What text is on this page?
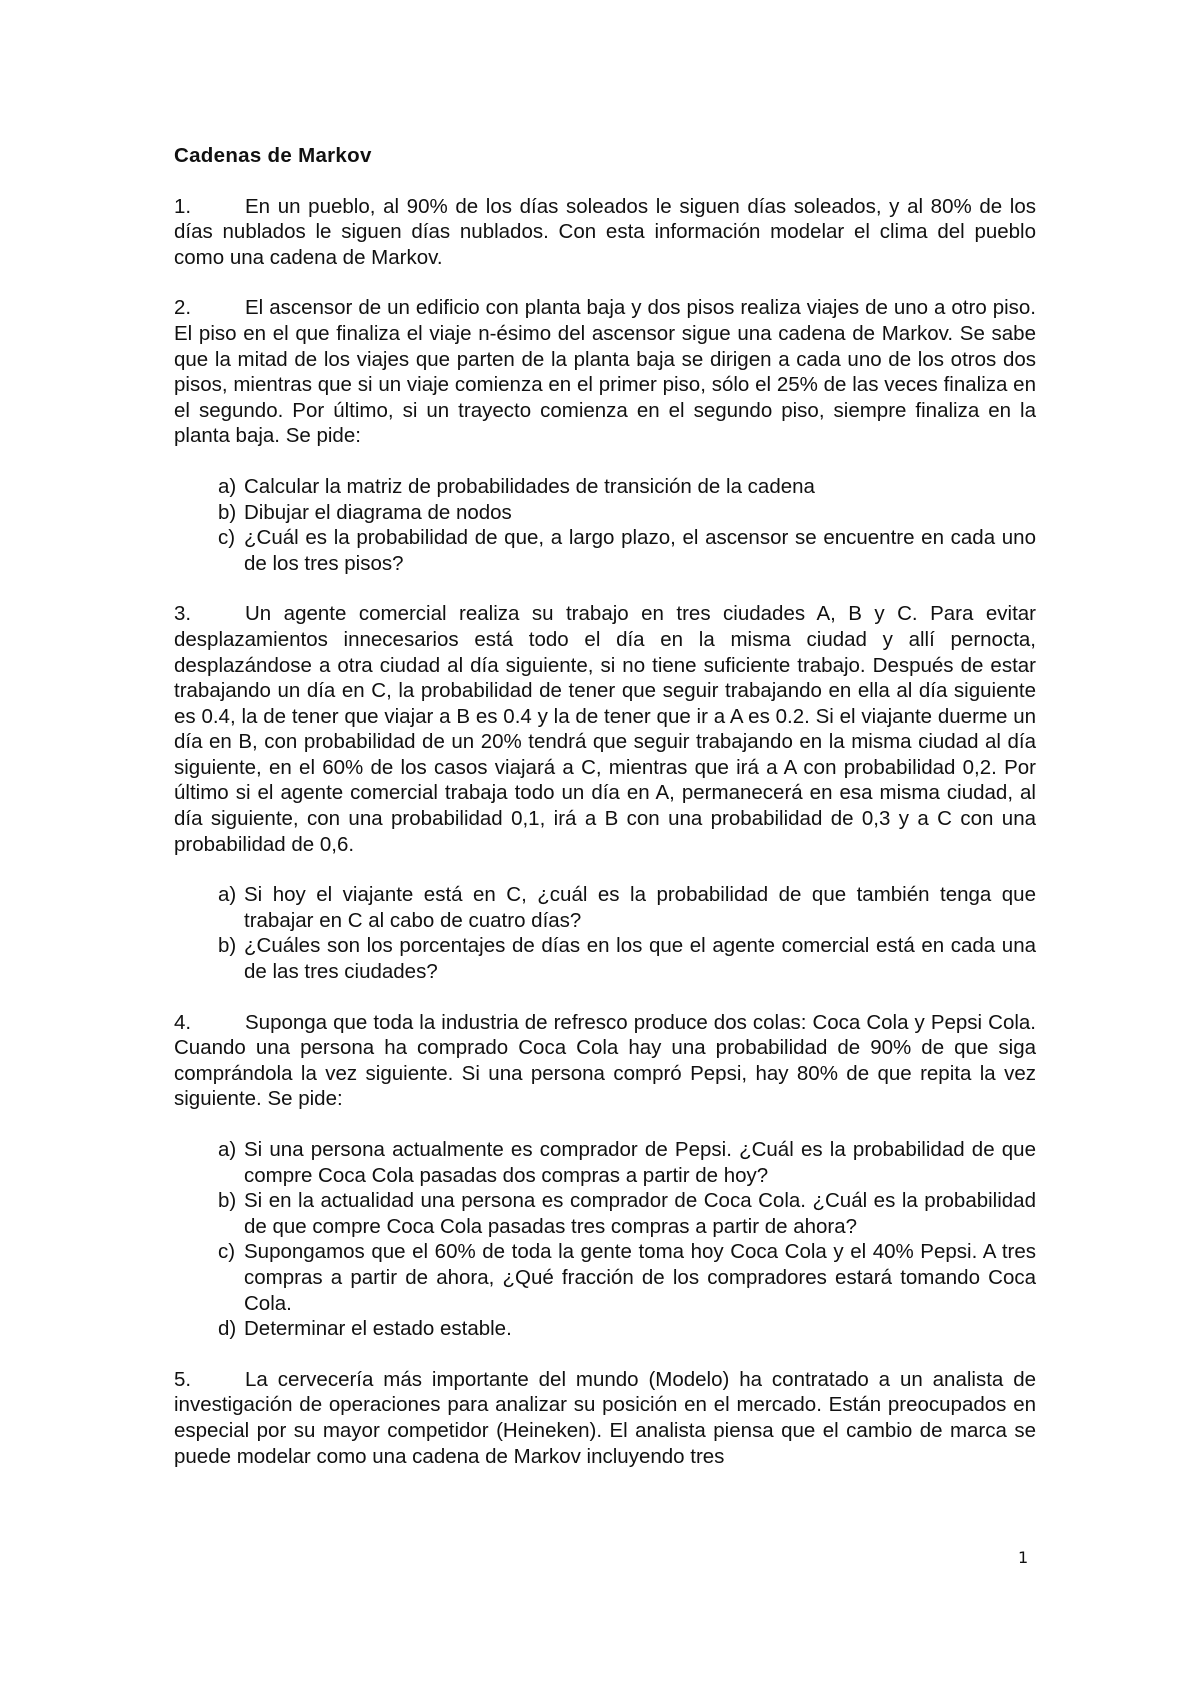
Cadenas de Markov
1.	En un pueblo, al 90% de los días soleados le siguen días soleados, y al 80% de los días nublados le siguen días nublados. Con esta información modelar el clima del pueblo como una cadena de Markov.
2.	El ascensor de un edificio con planta baja y dos pisos realiza viajes de uno a otro piso. El piso en el que finaliza el viaje n-ésimo del ascensor sigue una cadena de Markov. Se sabe que la mitad de los viajes que parten de la planta baja se dirigen a cada uno de los otros dos pisos, mientras que si un viaje comienza en el primer piso, sólo el 25% de las veces finaliza en el segundo. Por último, si un trayecto comienza en el segundo piso, siempre finaliza en la planta baja. Se pide:
a) Calcular la matriz de probabilidades de transición de la cadena
b) Dibujar el diagrama de nodos
c) ¿Cuál es la probabilidad de que, a largo plazo, el ascensor se encuentre en cada uno de los tres pisos?
3.	Un agente comercial realiza su trabajo en tres ciudades A, B y C. Para evitar desplazamientos innecesarios está todo el día en la misma ciudad y allí pernocta, desplazándose a otra ciudad al día siguiente, si no tiene suficiente trabajo. Después de estar trabajando un día en C, la probabilidad de tener que seguir trabajando en ella al día siguiente es 0.4, la de tener que viajar a B es 0.4 y la de tener que ir a A es 0.2. Si el viajante duerme un día en B, con probabilidad de un 20% tendrá que seguir trabajando en la misma ciudad al día siguiente, en el 60% de los casos viajará a C, mientras que irá a A con probabilidad 0,2. Por último si el agente comercial trabaja todo un día en A, permanecerá en esa misma ciudad, al día siguiente, con una probabilidad 0,1, irá a B con una probabilidad de 0,3 y a C con una probabilidad de 0,6.
a) Si hoy el viajante está en C, ¿cuál es la probabilidad de que también tenga que trabajar en C al cabo de cuatro días?
b) ¿Cuáles son los porcentajes de días en los que el agente comercial está en cada una de las tres ciudades?
4.	Suponga que toda la industria de refresco produce dos colas: Coca Cola y Pepsi Cola. Cuando una persona ha comprado Coca Cola hay una probabilidad de 90% de que siga comprándola la vez siguiente. Si una persona compró Pepsi, hay 80% de que repita la vez siguiente. Se pide:
a) Si una persona actualmente es comprador de Pepsi. ¿Cuál es la probabilidad de que compre Coca Cola pasadas dos compras a partir de hoy?
b) Si en la actualidad una persona es comprador de Coca Cola. ¿Cuál es la probabilidad de que compre Coca Cola pasadas tres compras a partir de ahora?
c) Supongamos que el 60% de toda la gente toma hoy Coca Cola y el 40% Pepsi. A tres compras a partir de ahora, ¿Qué fracción de los compradores estará tomando Coca Cola.
d) Determinar el estado estable.
5.	La cervecería más importante del mundo (Modelo) ha contratado a un analista de investigación de operaciones para analizar su posición en el mercado. Están preocupados en especial por su mayor competidor (Heineken). El analista piensa que el cambio de marca se puede modelar como una cadena de Markov incluyendo tres
1
